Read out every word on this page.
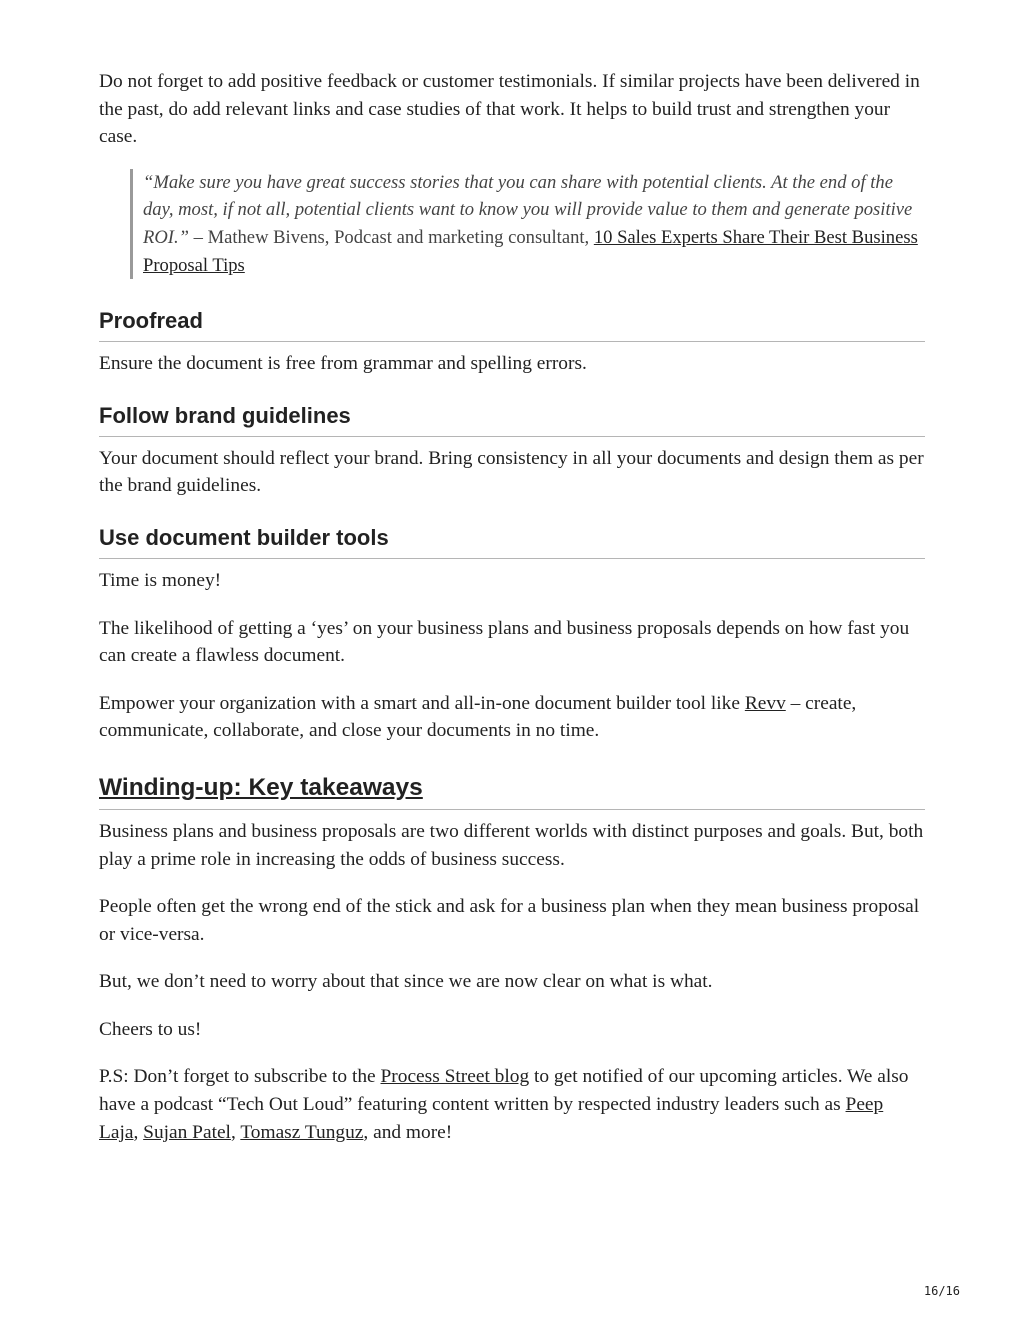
Do not forget to add positive feedback or customer testimonials. If similar projects have been delivered in the past, do add relevant links and case studies of that work. It helps to build trust and strengthen your case.

“Make sure you have great success stories that you can share with potential clients. At the end of the day, most, if not all, potential clients want to know you will provide value to them and generate positive ROI.” – Mathew Bivens, Podcast and marketing consultant, 10 Sales Experts Share Their Best Business Proposal Tips
Proofread

Ensure the document is free from grammar and spelling errors.

Follow brand guidelines

Your document should reflect your brand. Bring consistency in all your documents and design them as per the brand guidelines.

Use document builder tools

Time is money!

The likelihood of getting a ‘yes’ on your business plans and business proposals depends on how fast you can create a flawless document.

Empower your organization with a smart and all-in-one document builder tool like Revv – create, communicate, collaborate, and close your documents in no time.

Winding-up: Key takeaways

Business plans and business proposals are two different worlds with distinct purposes and goals. But, both play a prime role in increasing the odds of business success.

People often get the wrong end of the stick and ask for a business plan when they mean business proposal or vice-versa.

But, we don’t need to worry about that since we are now clear on what is what.

Cheers to us!

P.S: Don’t forget to subscribe to the Process Street blog to get notified of our upcoming articles. We also have a podcast “Tech Out Loud” featuring content written by respected industry leaders such as Peep Laja, Sujan Patel, Tomasz Tunguz, and more!

16/16
